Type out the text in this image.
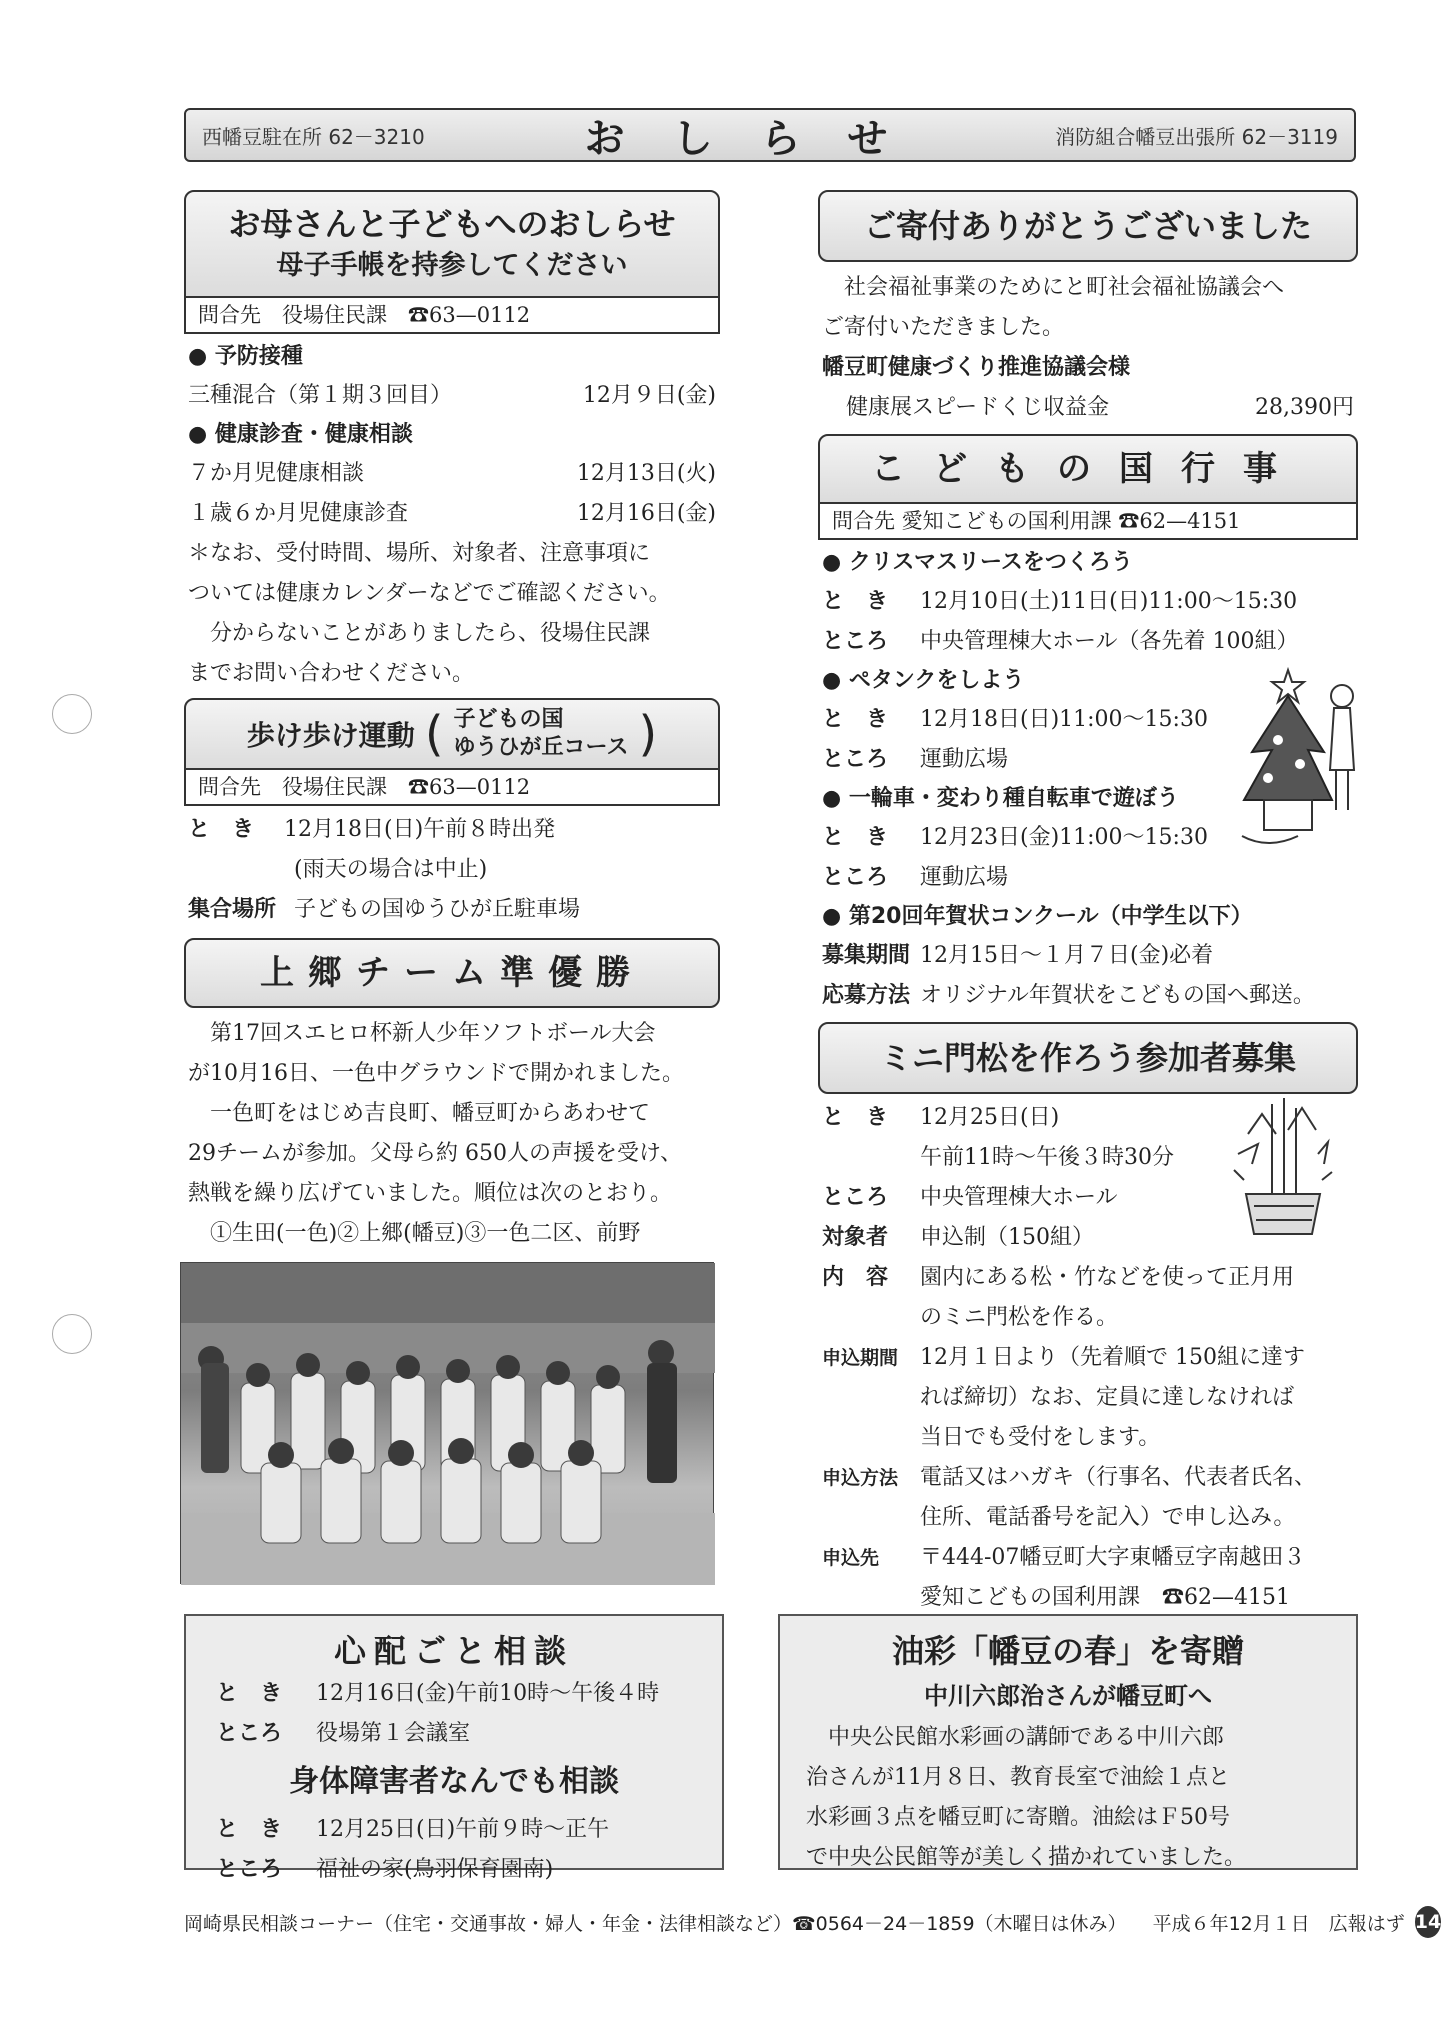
西幡豆駐在所 62－3210	おしらせ	消防組合幡豆出張所 62－3119
お母さんと子どもへのおしらせ
母子手帳を持参してください
問合先　役場住民課　☎63—0112
● 予防接種
三種混合（第１期３回目）	12月９日(金)
● 健康診査・健康相談
７か月児健康相談	12月13日(火)
１歳６か月児健康診査	12月16日(金)
＊なお、受付時間、場所、対象者、注意事項に
ついては健康カレンダーなどでご確認ください。
　分からないことがありましたら、役場住民課
までお問い合わせください。
歩け歩け運動 ( 子どもの国
ゆうひが丘コース )
問合先　役場住民課　☎63—0112
と　き 12月18日(日)午前８時出発
(雨天の場合は中止)
集合場所 子どもの国ゆうひが丘駐車場
上郷チーム準優勝
　第17回スエヒロ杯新人少年ソフトボール大会
が10月16日、一色中グラウンドで開かれました。
　一色町をはじめ吉良町、幡豆町からあわせて
29チームが参加。父母ら約 650人の声援を受け、
熱戦を繰り広げていました。順位は次のとおり。
　①生田(一色)②上郷(幡豆)③一色二区、前野
ご寄付ありがとうございました
　社会福祉事業のためにと町社会福祉協議会へ
ご寄付いただきました。
幡豆町健康づくり推進協議会様
健康展スピードくじ収益金	28,390円
こどもの国行事
問合先 愛知こどもの国利用課 ☎62—4151
● クリスマスリースをつくろう
と　き 12月10日(土)11日(日)11:00～15:30
ところ 中央管理棟大ホール（各先着 100組）
● ペタンクをしよう
と　き 12月18日(日)11:00～15:30
ところ 運動広場
● 一輪車・変わり種自転車で遊ぼう
と　き 12月23日(金)11:00～15:30
ところ 運動広場
● 第20回年賀状コンクール（中学生以下）
募集期間 12月15日～１月７日(金)必着
応募方法 オリジナル年賀状をこどもの国へ郵送。
ミニ門松を作ろう参加者募集
と　き 12月25日(日)
午前11時～午後３時30分
ところ 中央管理棟大ホール
対象者 申込制（150組）
内　容 園内にある松・竹などを使って正月用
のミニ門松を作る。
申込期間 12月１日より（先着順で 150組に達す
れば締切）なお、定員に達しなければ
当日でも受付をします。
申込方法 電話又はハガキ（行事名、代表者氏名、
住所、電話番号を記入）で申し込み。
申込先 〒444-07幡豆町大字東幡豆字南越田３
愛知こどもの国利用課　☎62—4151
心配ごと相談
と　き 12月16日(金)午前10時～午後４時
ところ 役場第１会議室
身体障害者なんでも相談
と　き 12月25日(日)午前９時～正午
ところ 福祉の家(鳥羽保育園南)
油彩「幡豆の春」を寄贈
中川六郎治さんが幡豆町へ
　中央公民館水彩画の講師である中川六郎
治さんが11月８日、教育長室で油絵１点と
水彩画３点を幡豆町に寄贈。油絵はＦ50号
で中央公民館等が美しく描かれていました。
岡崎県民相談コーナー（住宅・交通事故・婦人・年金・法律相談など）☎0564－24－1859（木曜日は休み） 平成６年12月１日　広報はず 14
